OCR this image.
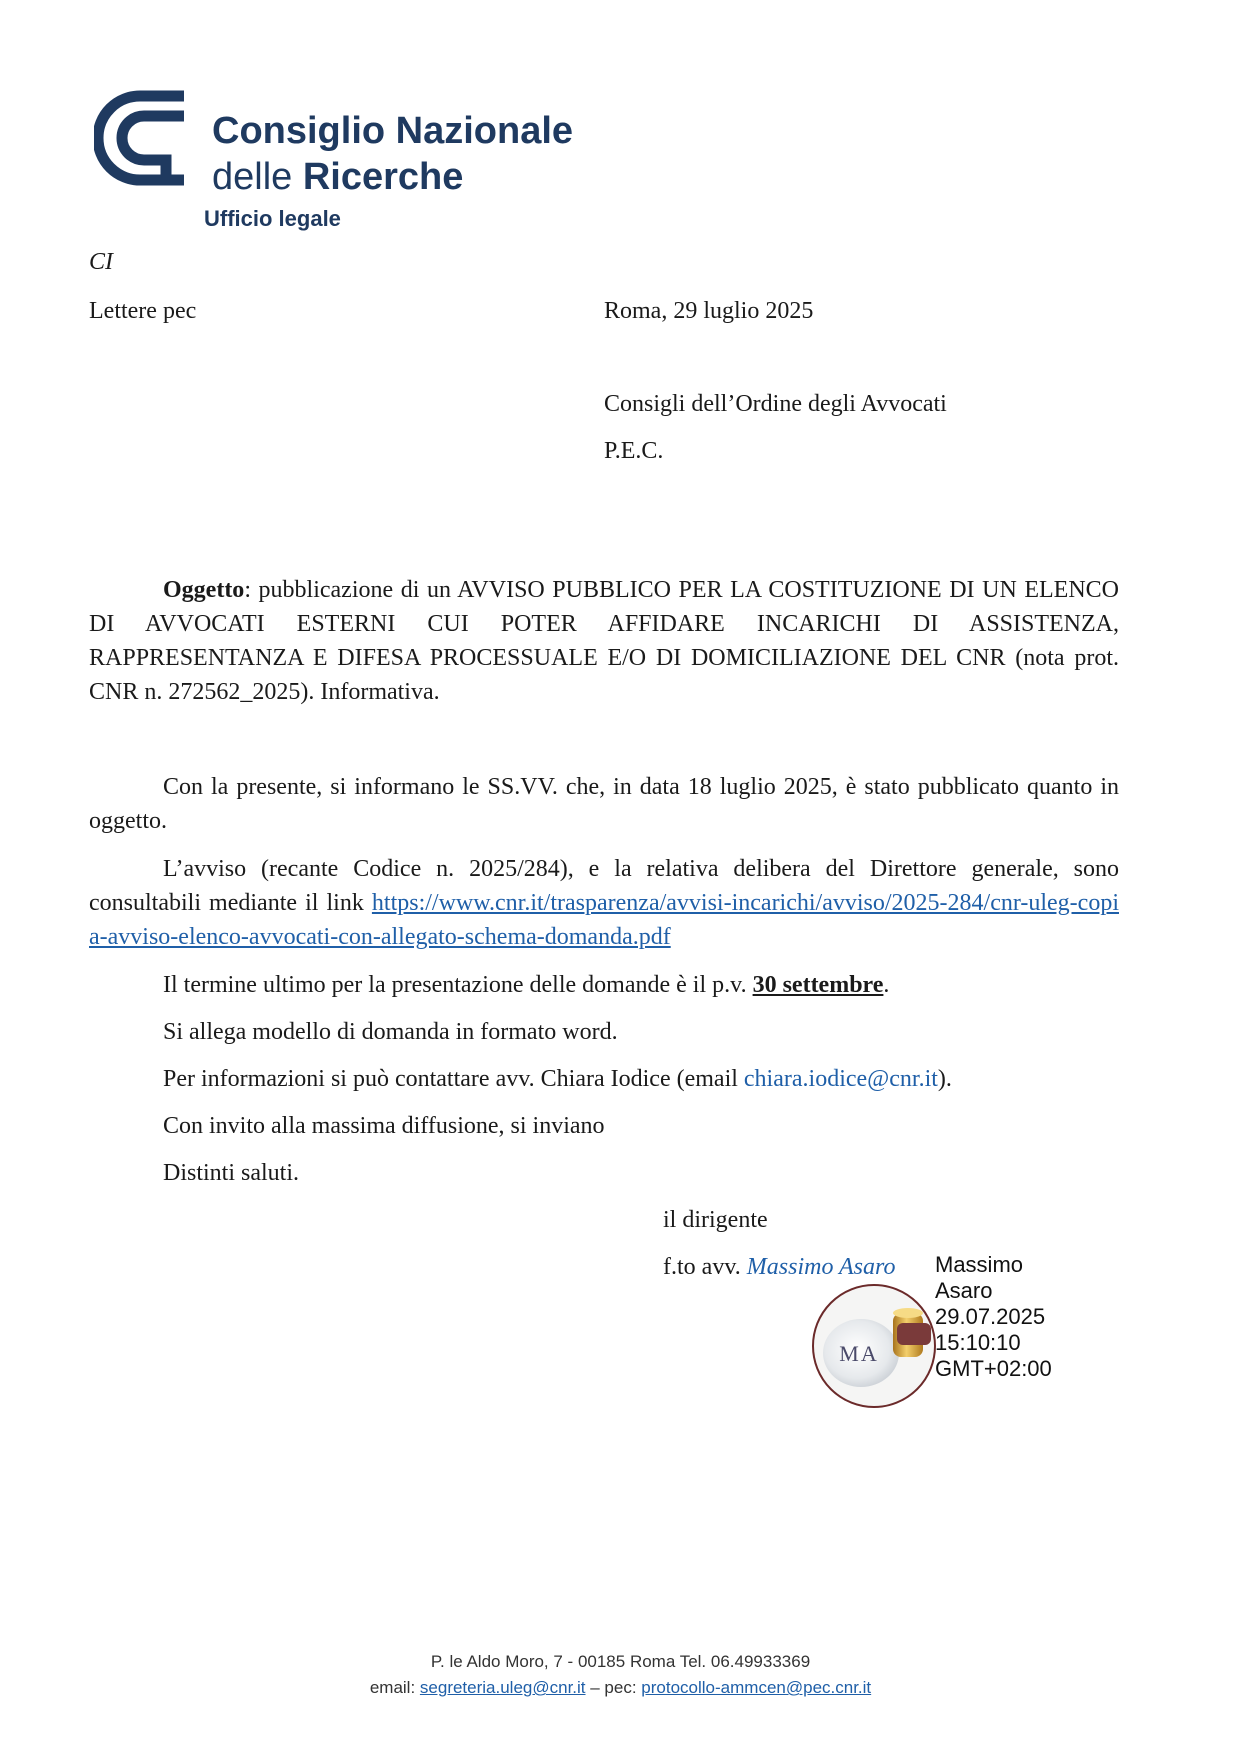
Consiglio Nazionale
delle Ricerche
Ufficio legale
CI
Lettere pec	Roma, 29 luglio 2025
Consigli dell’Ordine degli Avvocati
P.E.C.
Oggetto: pubblicazione di un AVVISO PUBBLICO PER LA COSTITUZIONE DI UN ELENCO DI AVVOCATI ESTERNI CUI POTER AFFIDARE INCARICHI DI ASSISTENZA, RAPPRESENTANZA E DIFESA PROCESSUALE E/O DI DOMICILIAZIONE DEL CNR (nota prot. CNR n. 272562_2025). Informativa.
Con la presente, si informano le SS.VV. che, in data 18 luglio 2025, è stato pubblicato quanto in oggetto.
L’avviso (recante Codice n. 2025/284), e la relativa delibera del Direttore generale, sono consultabili mediante il link https://www.cnr.it/trasparenza/avvisi-incarichi/avviso/2025-284/cnr-uleg-copia-avviso-elenco-avvocati-con-allegato-schema-domanda.pdf
Il termine ultimo per la presentazione delle domande è il p.v. 30 settembre.
Si allega modello di domanda in formato word.
Per informazioni si può contattare avv. Chiara Iodice (email chiara.iodice@cnr.it).
Con invito alla massima diffusione, si inviano
Distinti saluti.
il dirigente
f.to avv. Massimo Asaro
MA
Massimo
Asaro
29.07.2025
15:10:10
GMT+02:00
P. le Aldo Moro, 7 - 00185 Roma Tel. 06.49933369
email: segreteria.uleg@cnr.it – pec: protocollo-ammcen@pec.cnr.it
